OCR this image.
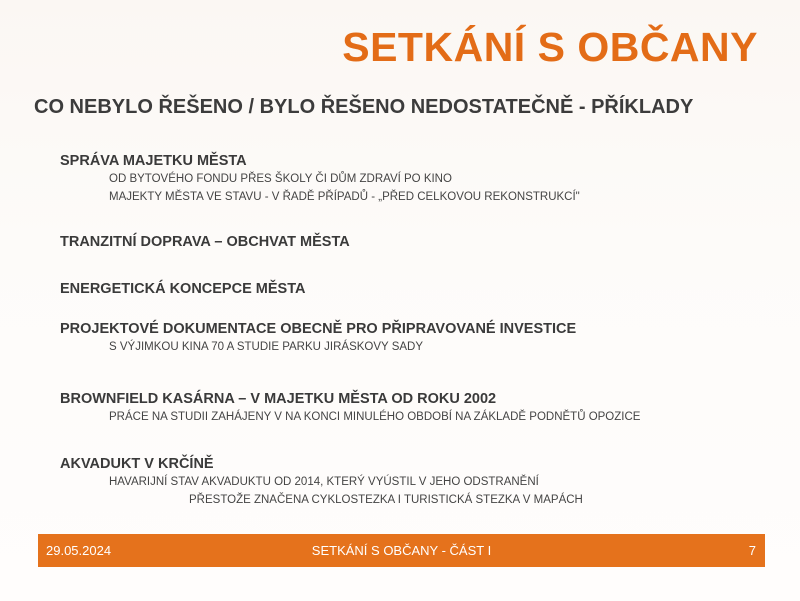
SETKÁNÍ S OBČANY
CO NEBYLO ŘEŠENO / BYLO ŘEŠENO NEDOSTATEČNĚ - PŘÍKLADY
SPRÁVA MAJETKU MĚSTA
OD BYTOVÉHO FONDU PŘES ŠKOLY ČI DŮM ZDRAVÍ PO KINO
MAJEKTY MĚSTA VE STAVU - V ŘADĚ PŘÍPADŮ - „PŘED CELKOVOU REKONSTRUKCÍ"
TRANZITNÍ DOPRAVA – OBCHVAT MĚSTA
ENERGETICKÁ KONCEPCE MĚSTA
PROJEKTOVÉ DOKUMENTACE OBECNĚ PRO PŘIPRAVOVANÉ INVESTICE
S VÝJIMKOU KINA 70 A STUDIE PARKU JIRÁSKOVY SADY
BROWNFIELD KASÁRNA – V MAJETKU MĚSTA OD ROKU 2002
PRÁCE NA STUDII ZAHÁJENY V NA KONCI MINULÉHO OBDOBÍ NA ZÁKLADĚ PODNĚTŮ OPOZICE
AKVADUKT V KRČÍNĚ
HAVARIJNÍ STAV AKVADUKTU OD 2014, KTERÝ VYÚSTIL V JEHO ODSTRANĚNÍ
PŘESTOŽE ZNAČENA CYKLOSTEZKA I TURISTICKÁ STEZKA V MAPÁCH
29.05.2024	SETKÁNÍ S OBČANY - ČÁST I	7
